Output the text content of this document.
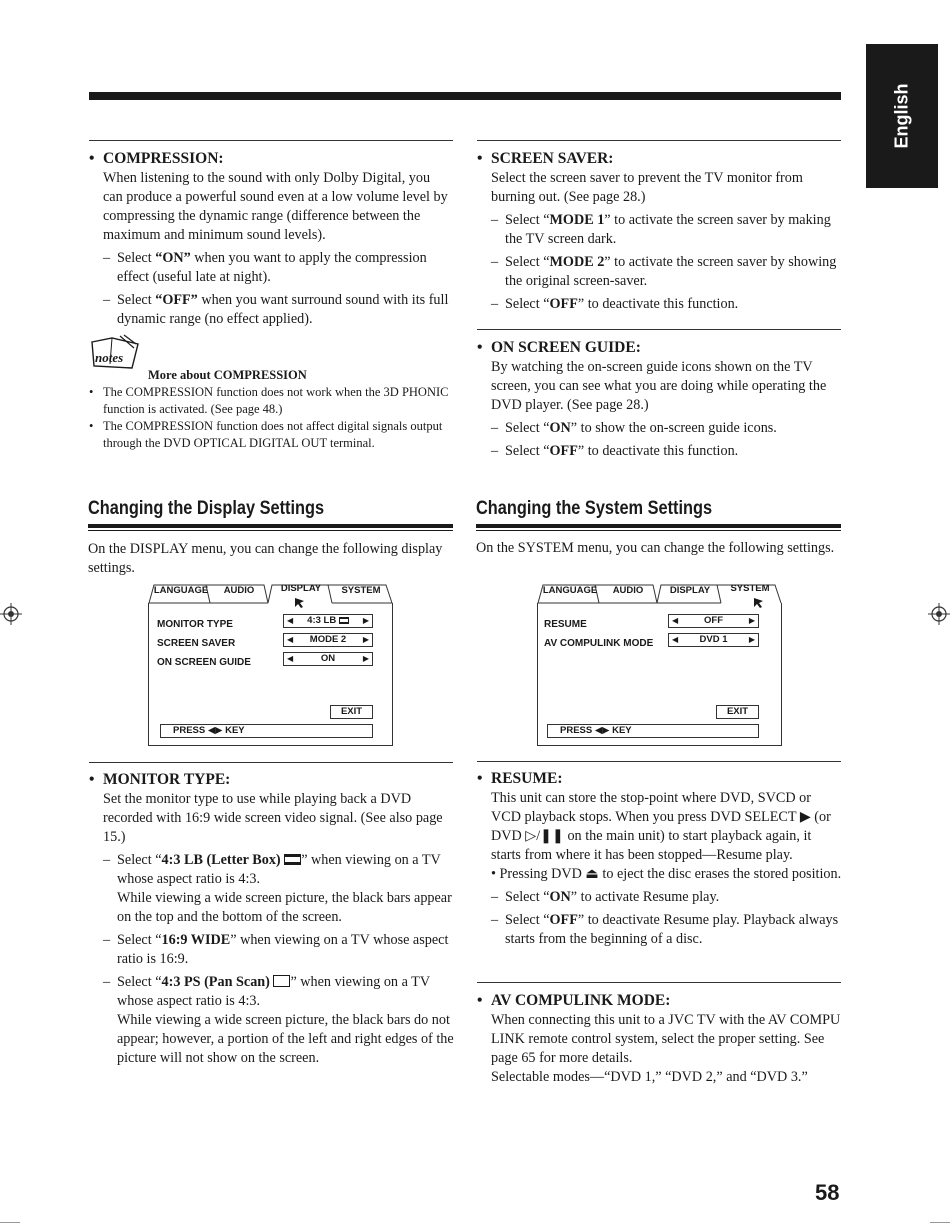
English
• COMPRESSION:
When listening to the sound with only Dolby Digital, you can produce a powerful sound even at a low volume level by compressing the dynamic range (difference between the maximum and minimum sound levels).
– Select “ON” when you want to apply the compression effect (useful late at night).
– Select “OFF” when you want surround sound with its full dynamic range (no effect applied).
notes
More about COMPRESSION
• The COMPRESSION function does not work when the 3D PHONIC function is activated. (See page 48.)
• The COMPRESSION function does not affect digital signals output through the DVD OPTICAL DIGITAL OUT terminal.
• SCREEN SAVER:
Select the screen saver to prevent the TV monitor from burning out. (See page 28.)
– Select “MODE 1” to activate the screen saver by making the TV screen dark.
– Select “MODE 2” to activate the screen saver by showing the original screen-saver.
– Select “OFF” to deactivate this function.
• ON SCREEN GUIDE:
By watching the on-screen guide icons shown on the TV screen, you can see what you are doing while operating the DVD player. (See page 28.)
– Select “ON” to show the on-screen guide icons.
– Select “OFF” to deactivate this function.
Changing the Display Settings
On the DISPLAY menu, you can change the following display settings.
LANGUAGE	AUDIO	DISPLAY	SYSTEM
MONITOR TYPE	◀ 4:3 LB	▶
SCREEN SAVER	◀ MODE 2 ▶
ON SCREEN GUIDE	◀	ON	▶
EXIT
PRESS ◀▶ KEY
Changing the System Settings
On the SYSTEM menu, you can change the following settings.
LANGUAGE	AUDIO	DISPLAY	SYSTEM
RESUME	◀	OFF	▶
AV COMPULINK MODE ◀ DVD 1	▶
EXIT
PRESS ◀▶ KEY
• MONITOR TYPE:
Set the monitor type to use while playing back a DVD recorded with 16:9 wide screen video signal. (See also page 15.)
– Select “4:3 LB (Letter Box) ” when viewing on a TV whose aspect ratio is 4:3.
While viewing a wide screen picture, the black bars appear on the top and the bottom of the screen.
– Select “16:9 WIDE” when viewing on a TV whose aspect ratio is 16:9.
– Select “4:3 PS (Pan Scan) ” when viewing on a TV whose aspect ratio is 4:3.
While viewing a wide screen picture, the black bars do not appear; however, a portion of the left and right edges of the picture will not show on the screen.
• RESUME:
This unit can store the stop-point where DVD, SVCD or VCD playback stops. When you press DVD SELECT ▶ (or DVD ▷/❚❚ on the main unit) to start playback again, it starts from where it has been stopped—Resume play.
• Pressing DVD ⏏ to eject the disc erases the stored position.
– Select “ON” to activate Resume play.
– Select “OFF” to deactivate Resume play. Playback always starts from the beginning of a disc.
• AV COMPULINK MODE:
When connecting this unit to a JVC TV with the AV COMPU LINK remote control system, select the proper setting. See page 65 for more details.
Selectable modes—“DVD 1,” “DVD 2,” and “DVD 3.”
58
